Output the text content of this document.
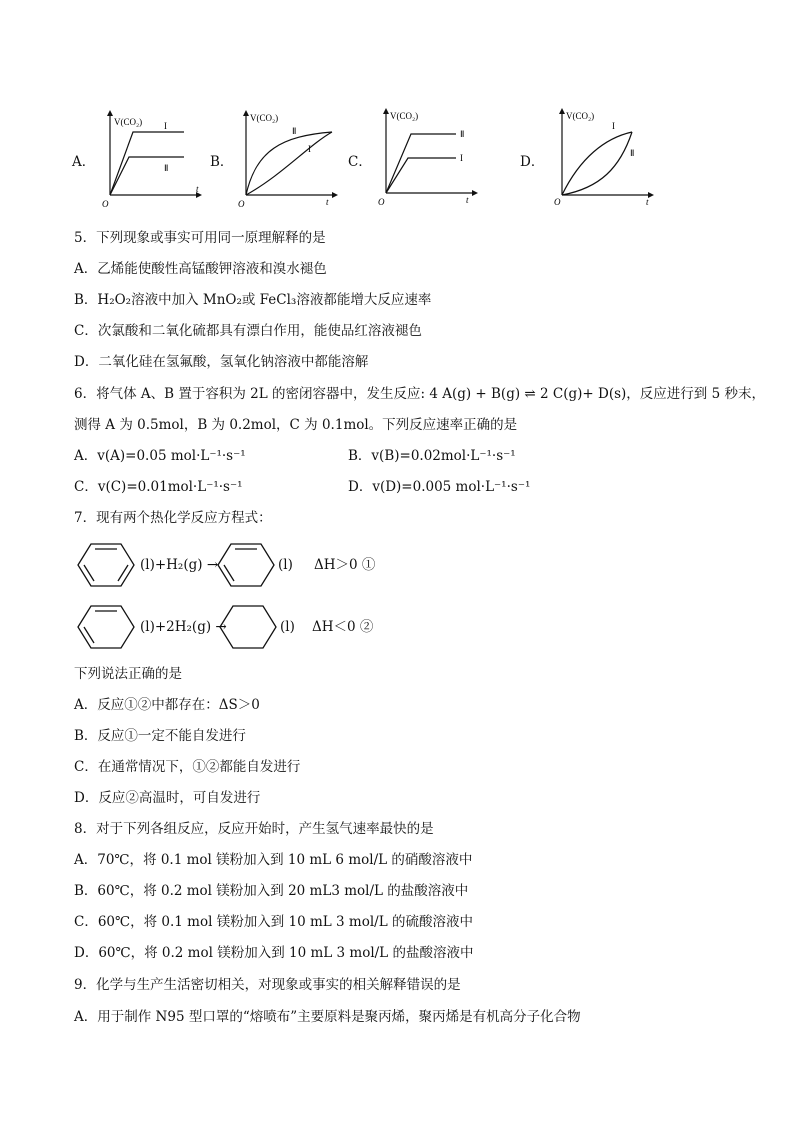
A．	B．	C．	D．
V(CO₂)
t
O
I
Ⅱ
V(CO₂)
t
O
Ⅱ
I
V(CO₂)
t
O
Ⅱ
I
V(CO₂)
t
O
I
Ⅱ
5．下列现象或事实可用同一原理解释的是
A．乙烯能使酸性高锰酸钾溶液和溴水褪色
B．H₂O₂溶液中加入 MnO₂或 FeCl₃溶液都能增大反应速率
C．次氯酸和二氧化硫都具有漂白作用，能使品红溶液褪色
D．二氧化硅在氢氟酸，氢氧化钠溶液中都能溶解
6．将气体 A、B 置于容积为 2L 的密闭容器中，发生反应: 4 A(g) + B(g) ⇌ 2 C(g)+ D(s)，反应进行到 5 秒末，
测得 A 为 0.5mol，B 为 0.2mol，C 为 0.1mol。下列反应速率正确的是
A．v(A)=0.05 mol·L⁻¹·s⁻¹	B．v(B)=0.02mol·L⁻¹·s⁻¹
C．v(C)=0.01mol·L⁻¹·s⁻¹	D．v(D)=0.005 mol·L⁻¹·s⁻¹
7．现有两个热化学反应方程式：
(l)+H₂(g) →	(l) ΔH＞0 ①
(l)+2H₂(g) →	(l) ΔH＜0 ②
下列说法正确的是
A．反应①②中都存在：ΔS＞0
B．反应①一定不能自发进行
C．在通常情况下，①②都能自发进行
D．反应②高温时，可自发进行
8．对于下列各组反应，反应开始时，产生氢气速率最快的是
A．70℃，将 0.1 mol 镁粉加入到 10 mL 6 mol/L 的硝酸溶液中
B．60℃，将 0.2 mol 镁粉加入到 20 mL3 mol/L 的盐酸溶液中
C．60℃，将 0.1 mol 镁粉加入到 10 mL 3 mol/L 的硫酸溶液中
D．60℃，将 0.2 mol 镁粉加入到 10 mL 3 mol/L 的盐酸溶液中
9．化学与生产生活密切相关，对现象或事实的相关解释错误的是
A．用于制作 N95 型口罩的“熔喷布”主要原料是聚丙烯，聚丙烯是有机高分子化合物
